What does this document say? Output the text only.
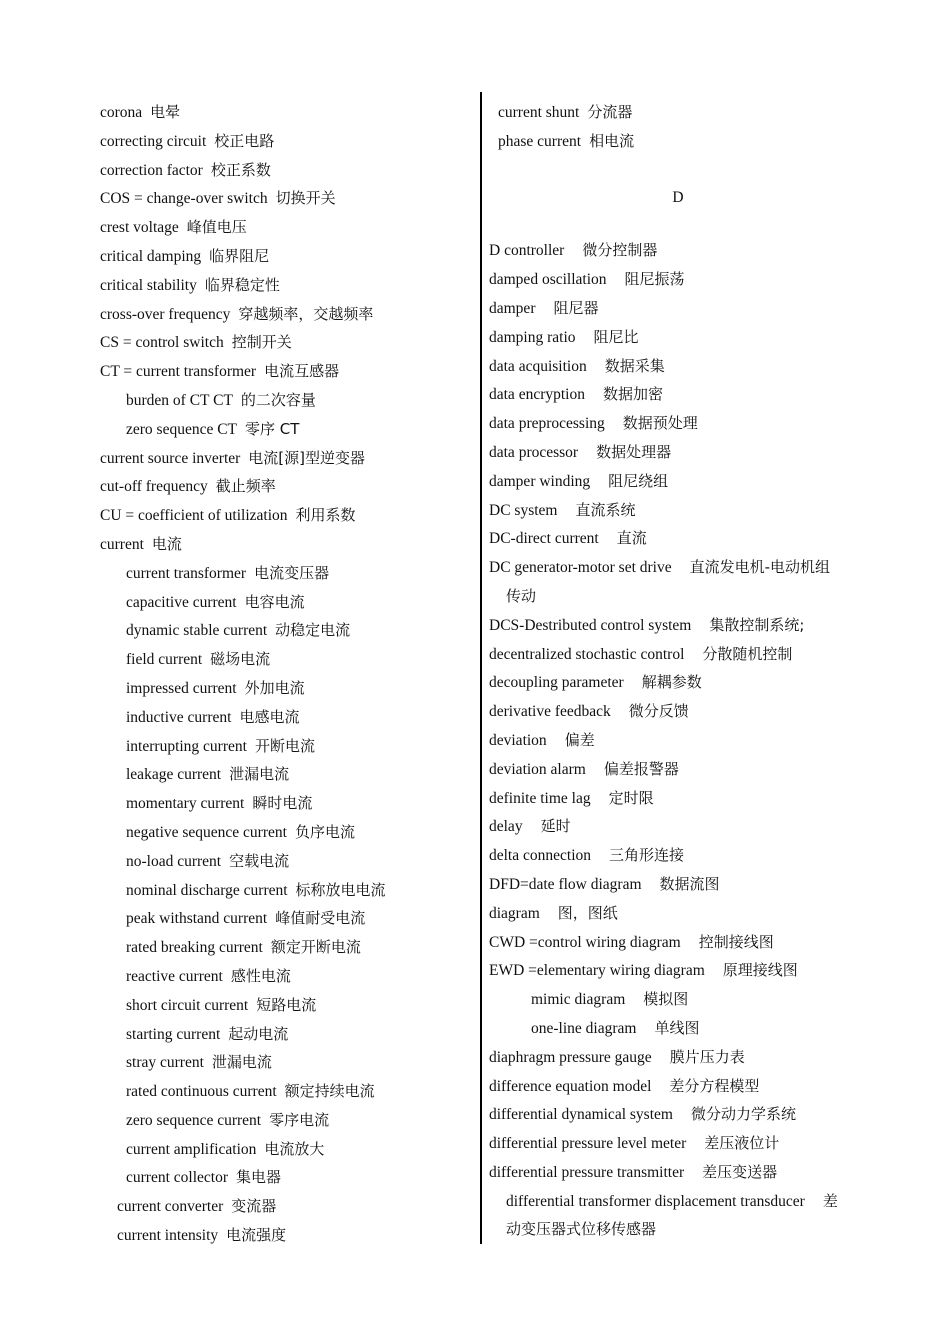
corona 电晕
correcting circuit 校正电路
correction factor 校正系数
COS = change-over switch 切换开关
crest voltage 峰值电压
critical damping 临界阻尼
critical stability 临界稳定性
cross-over frequency 穿越频率，交越频率
CS = control switch 控制开关
CT = current transformer 电流互感器
burden of CT CT 的二次容量
zero sequence CT 零序 CT
current source inverter 电流[源]型逆变器
cut-off frequency 截止频率
CU = coefficient of utilization 利用系数
current 电流
current transformer 电流变压器
capacitive current 电容电流
dynamic stable current 动稳定电流
field current 磁场电流
impressed current 外加电流
inductive current 电感电流
interrupting current 开断电流
leakage current 泄漏电流
momentary current 瞬时电流
negative sequence current 负序电流
no-load current 空载电流
nominal discharge current 标称放电电流
peak withstand current 峰值耐受电流
rated breaking current 额定开断电流
reactive current 感性电流
short circuit current 短路电流
starting current 起动电流
stray current 泄漏电流
rated continuous current 额定持续电流
zero sequence current 零序电流
current amplification 电流放大
current collector 集电器
current converter 变流器
current intensity 电流强度
current shunt 分流器
phase current 相电流
D
D controller 微分控制器
damped oscillation 阻尼振荡
damper 阻尼器
damping ratio 阻尼比
data acquisition 数据采集
data encryption 数据加密
data preprocessing 数据预处理
data processor 数据处理器
damper winding 阻尼绕组
DC system 直流系统
DC-direct current 直流
DC generator-motor set drive 直流发电机-电动机组
传动
DCS-Destributed control system 集散控制系统;
decentralized stochastic control 分散随机控制
decoupling parameter 解耦参数
derivative feedback 微分反馈
deviation 偏差
deviation alarm 偏差报警器
definite time lag 定时限
delay 延时
delta connection 三角形连接
DFD=date flow diagram 数据流图
diagram 图，图纸
CWD =control wiring diagram 控制接线图
EWD =elementary wiring diagram 原理接线图
mimic diagram 模拟图
one-line diagram 单线图
diaphragm pressure gauge 膜片压力表
difference equation model 差分方程模型
differential dynamical system 微分动力学系统
differential pressure level meter 差压液位计
differential pressure transmitter 差压变送器
differential transformer displacement transducer 差
动变压器式位移传感器
